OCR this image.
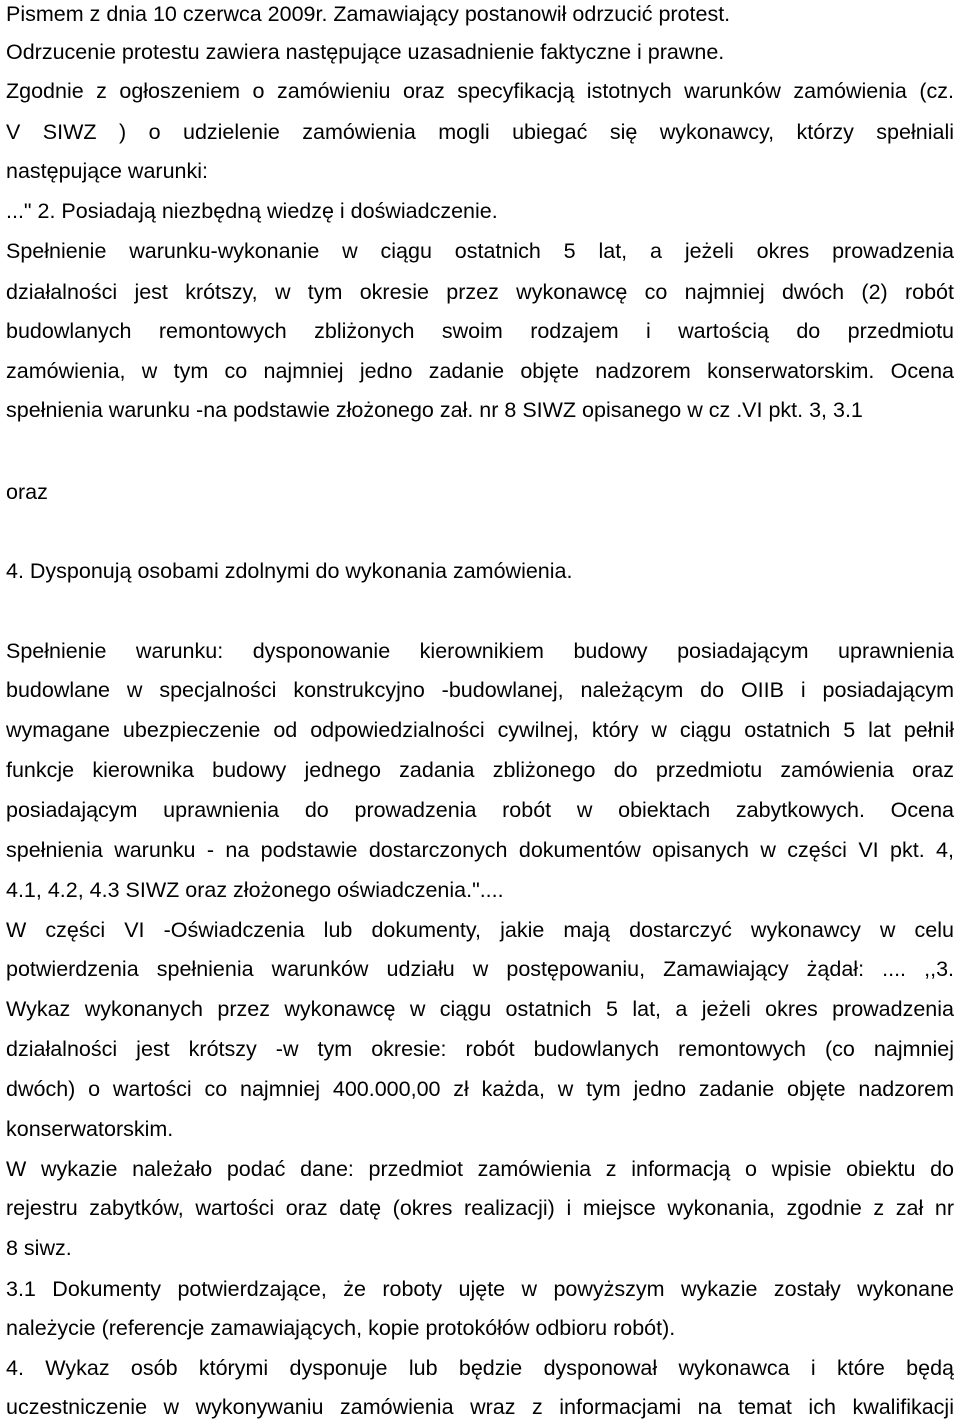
Pismem z dnia 10 czerwca 2009r. Zamawiający postanowił odrzucić protest.
Odrzucenie protestu zawiera następujące uzasadnienie faktyczne i prawne.
Zgodnie z ogłoszeniem o zamówieniu oraz specyfikacją istotnych warunków zamówienia (cz.
V SIWZ ) o udzielenie zamówienia mogli ubiegać się wykonawcy, którzy spełniali
następujące warunki:
..." 2. Posiadają niezbędną wiedzę i doświadczenie.
Spełnienie warunku-wykonanie w ciągu ostatnich 5 lat, a jeżeli okres prowadzenia
działalności jest krótszy, w tym okresie przez wykonawcę co najmniej dwóch (2) robót
budowlanych remontowych zbliżonych swoim rodzajem i wartością do przedmiotu
zamówienia, w tym co najmniej jedno zadanie objęte nadzorem konserwatorskim. Ocena
spełnienia warunku -na podstawie złożonego zał. nr 8 SIWZ opisanego w cz .VI pkt. 3, 3.1
oraz
4. Dysponują osobami zdolnymi do wykonania zamówienia.
Spełnienie warunku: dysponowanie kierownikiem budowy posiadającym uprawnienia
budowlane w specjalności konstrukcyjno -budowlanej, należącym do OIIB i posiadającym
wymagane ubezpieczenie od odpowiedzialności cywilnej, który w ciągu ostatnich 5 lat pełnił
funkcje kierownika budowy jednego zadania zbliżonego do przedmiotu zamówienia oraz
posiadającym uprawnienia do prowadzenia robót w obiektach zabytkowych. Ocena
spełnienia warunku - na podstawie dostarczonych dokumentów opisanych w części VI pkt. 4,
4.1, 4.2, 4.3 SIWZ oraz złożonego oświadczenia."....
W części VI -Oświadczenia lub dokumenty, jakie mają dostarczyć wykonawcy w celu
potwierdzenia spełnienia warunków udziału w postępowaniu, Zamawiający żądał: .... ,,3.
Wykaz wykonanych przez wykonawcę w ciągu ostatnich 5 lat, a jeżeli okres prowadzenia
działalności jest krótszy -w tym okresie: robót budowlanych remontowych (co najmniej
dwóch) o wartości co najmniej 400.000,00 zł każda, w tym jedno zadanie objęte nadzorem
konserwatorskim.
W wykazie należało podać dane: przedmiot zamówienia z informacją o wpisie obiektu do
rejestru zabytków, wartości oraz datę (okres realizacji) i miejsce wykonania, zgodnie z zał nr
8 siwz.
3.1 Dokumenty potwierdzające, że roboty ujęte w powyższym wykazie zostały wykonane
należycie (referencje zamawiających, kopie protokółów odbioru robót).
4. Wykaz osób którymi dysponuje lub będzie dysponował wykonawca i które będą
uczestniczenie w wykonywaniu zamówienia wraz z informacjami na temat ich kwalifikacji
